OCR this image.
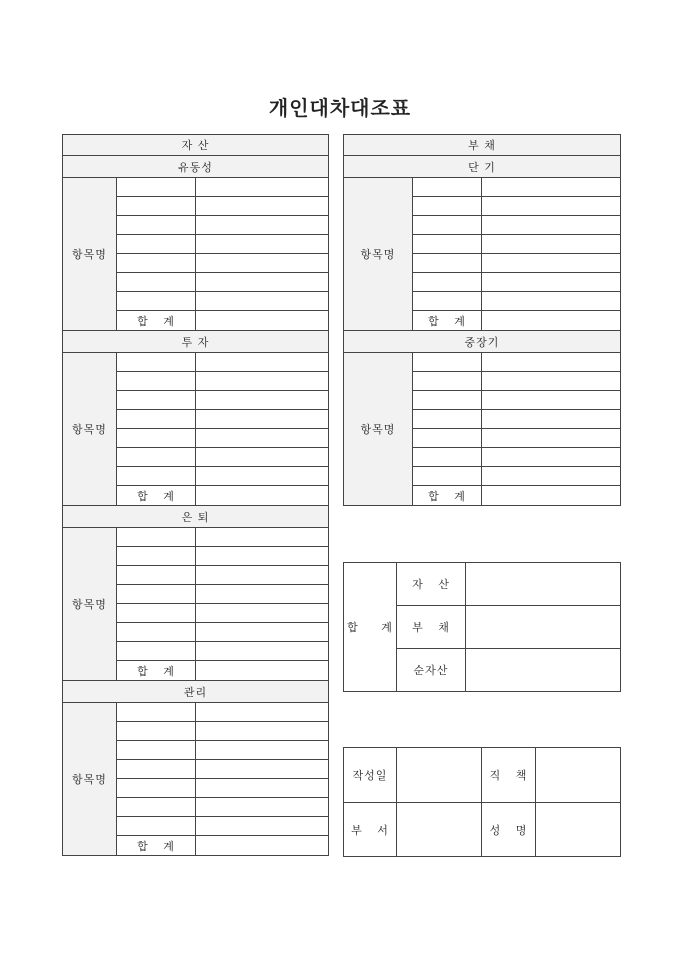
개인대차대조표
자 산
유동성
항목명
합 계
투 자
항목명
합 계
은 퇴
항목명
합 계
관리
항목명
합 계
부 채
단 기
항목명
합 계
중장기
항목명
합 계
합 계
자 산
부 채
순자산
작성일	직 책
부 서	성 명
